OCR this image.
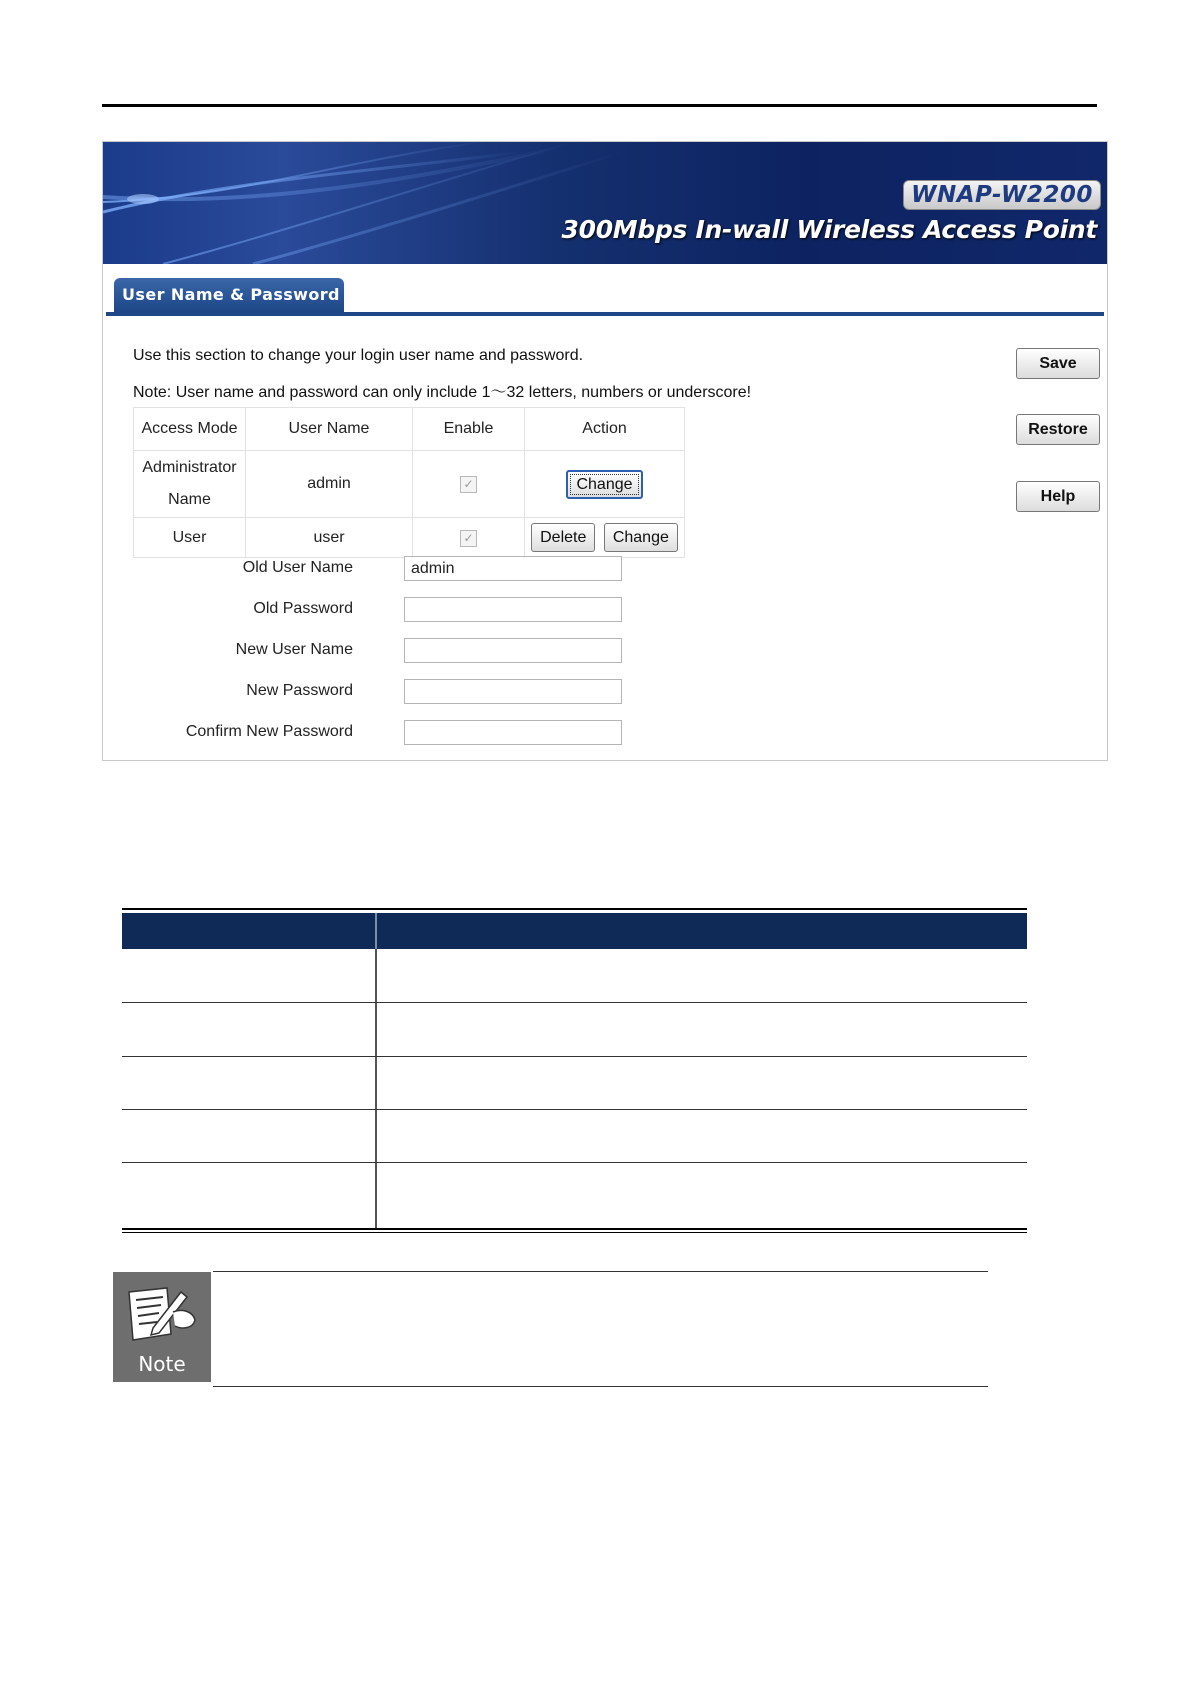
WNAP-W2200
300Mbps In-wall Wireless Access Point
User Name & Password
Use this section to change your login user name and password.
Note: User name and password can only include 1～32 letters, numbers or underscore!
Save
Restore
Help
Access Mode	User Name	Enable	Action

Administrator
Name	admin	✓	Change
User	user	✓	Delete Change
Old User Name	admin
Old Password
New User Name
New Password
Confirm New Password
Note
